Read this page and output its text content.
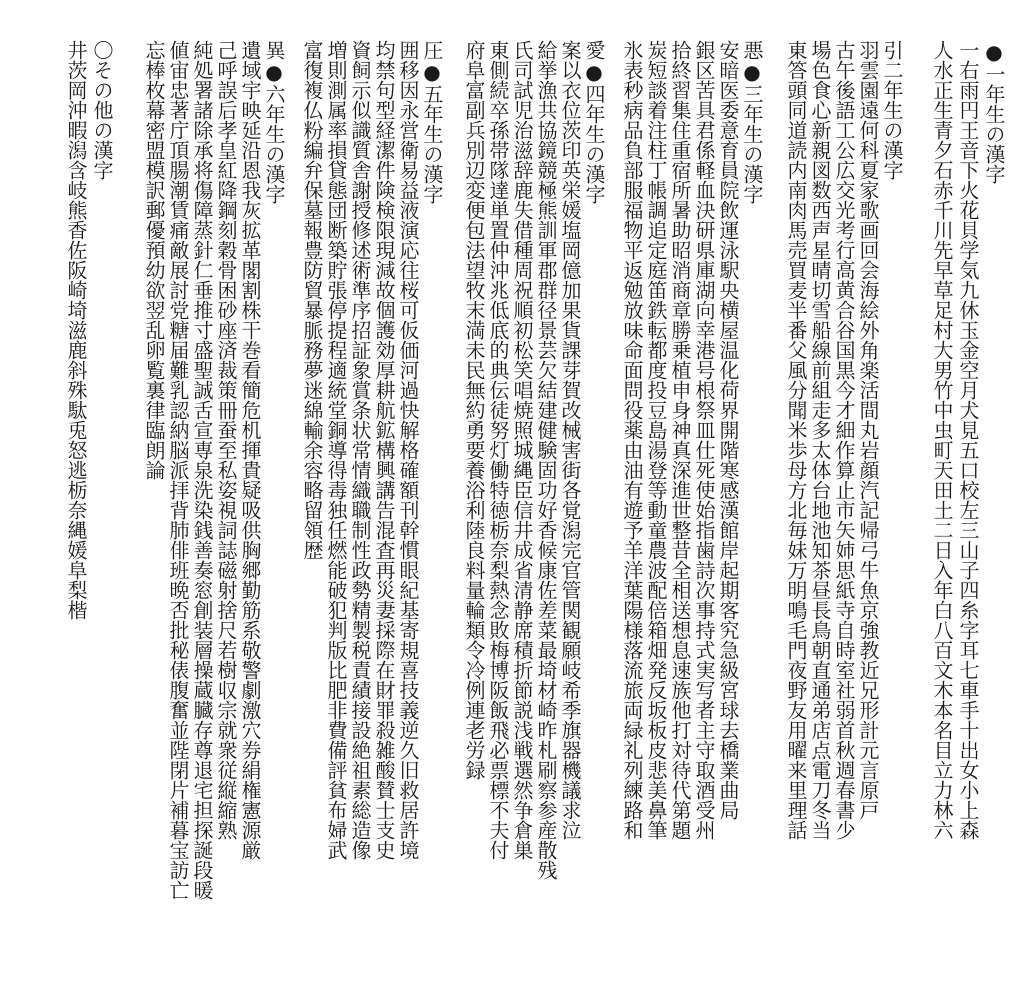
●一年生の漢字
一右雨円王音下火花貝学気九休玉金空月犬見五口校左三山子四糸字耳七車手十出女小上森
人水正生青夕石赤千川先早草足村大男竹中虫町天田土二日入年白八百文木本名目立力林六
引二年生の漢字
羽雲園遠何科夏家歌画回会海絵外角楽活間丸岩顔汽記帰弓牛魚京強教近兄形計元言原戸
古午後語工公広交光考行高黄合谷国黒今才細作算止市矢姉思紙寺自時室社弱首秋週春書少
場色食心新親図数西声星晴切雪船線前組走多太体台地池知茶昼長鳥朝直通弟店点電刀冬当
東答頭同道読内南肉馬売買麦半番父風分聞米歩母方北毎妹万明鳴毛門夜野友用曜来里理話
悪●三年生の漢字
安暗医委意育員院飲運泳駅央横屋温化荷界開階寒感漢館岸起期客究急級宮球去橋業曲局
銀区苦具君係軽血決研県庫湖向幸港号根祭皿仕死使始指歯詩次事持式実写者主守取酒受州
拾終習集住重宿所暑助昭消商章勝乗植申身神真深進世整昔全相送想息速族他打対待代第題
炭短談着注柱丁帳調追定庭笛鉄転都度投豆島湯登等動童農波配倍箱畑発反坂板皮悲美鼻筆
氷表秒病品負部服福物平返勉放味命面問役薬由油有遊予羊洋葉陽様落流旅両緑礼列練路和
愛●四年生の漢字
案以衣位茨印英栄媛塩岡億加果貨課芽賀改械害街各覚潟完官管関観願岐希季旗器機議求泣
給挙漁共協鏡競極熊訓軍郡群径景芸欠結建健験固功好香候康佐差菜最埼材崎昨札刷察参産散残
氏司試児治滋辞鹿失借種周祝順初松笑唱焼照城縄臣信井成省清静席積折節説浅戦選然争倉巣
東側続卒孫帯隊達単置仲沖兆低底的典伝徒努灯働特徳栃奈梨熱念敗梅博阪飯飛必票標不夫付
府阜富副兵別辺変便包法望牧末満未民無約勇要養浴利陸良料量輪類令冷例連老労録
圧●五年生の漢字
囲移因永営衛易益液演応往桜可仮価河過快解格確額刊幹慣眼紀基寄規喜技義逆久旧救居許境
均禁句型経潔件険検限現減故個護効厚耕航鉱構興講告混査再災妻採際在財罪殺雑酸賛士支史
資飼示似識質舎謝授修述術準序招証象賞条状常情織職制性政勢精製税責績接設絶祖素総造像
増則測属率損貸態団断築貯張停提程適統堂銅導得毒独任燃能破犯判版比肥非費備評貧布婦武
富復複仏粉編弁保墓報豊防貿暴脈務夢迷綿輸余容略留領歴
異●六年生の漢字
遺域宇映延沿恩我灰拡革閣割株干巻看簡危机揮貴疑吸供胸郷勤筋系敬警劇激穴券絹権憲源厳
己呼誤后孝皇紅降鋼刻穀骨困砂座済裁策冊蚕至私姿視詞誌磁射捨尺若樹収宗就衆従縦縮熟
純処署諸除承将傷障蒸針仁垂推寸盛聖誠舌宣専泉洗染銭善奏窓創装層操蔵臓存尊退宅担探誕段暖
値宙忠著庁頂腸潮賃痛敵展討党糖届難乳認納脳派拝背肺俳班晩否批秘俵腹奮並陛閉片補暮宝訪亡
忘棒枚幕密盟模訳郵優預幼欲翌乱卵覧裏律臨朗論
〇その他の漢字
井茨岡沖暇潟含岐熊香佐阪崎埼滋鹿斜殊駄兎怒逃栃奈縄媛阜梨楷
